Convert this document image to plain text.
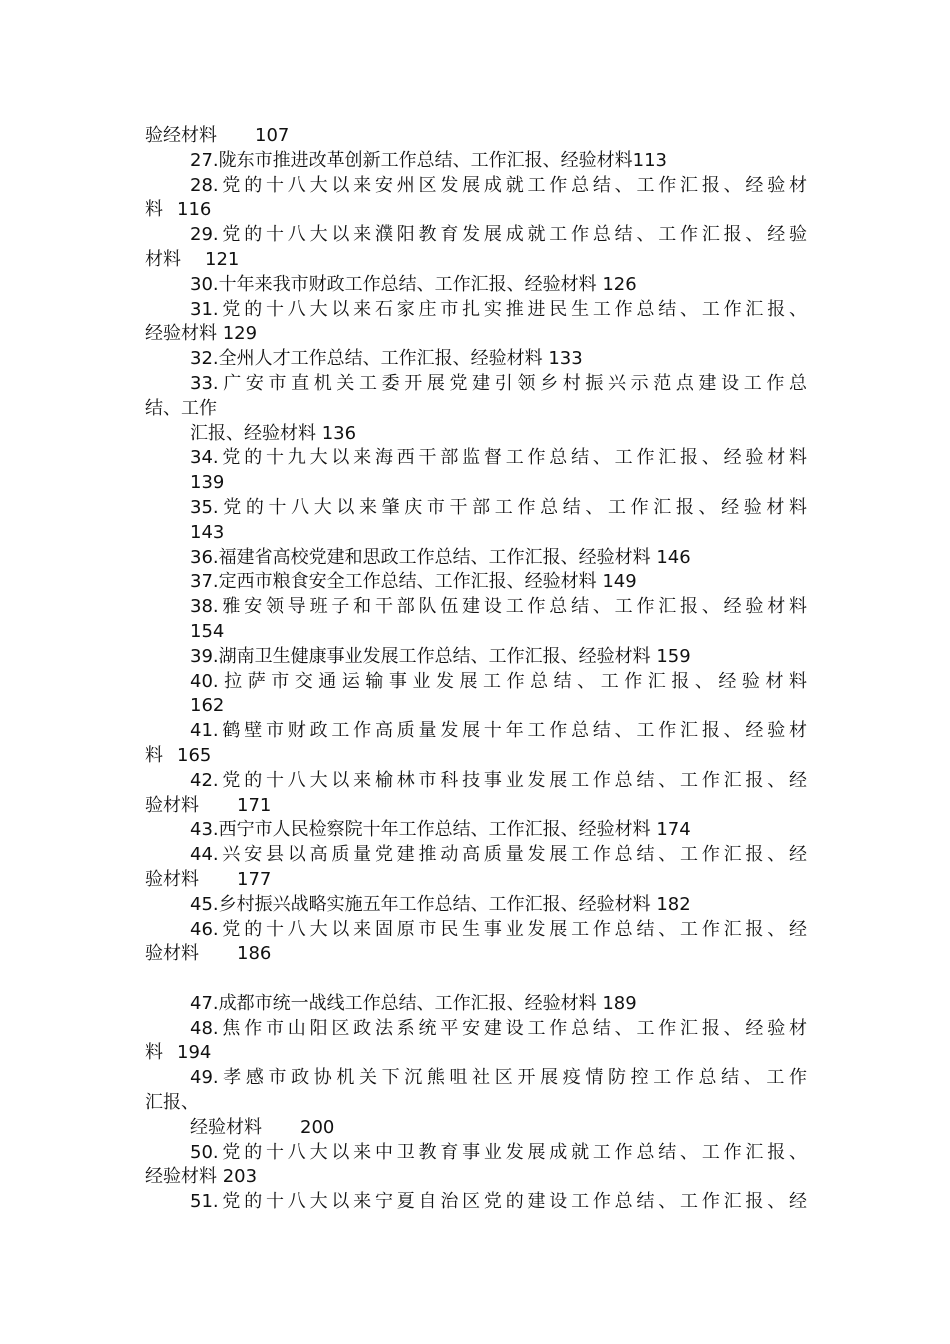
验经材料 107
27.陇东市推进改革创新工作总结、工作汇报、经验材料113
28.党的十八大以来安州区发展成就工作总结、工作汇报、经验材
料 116
29.党的十八大以来濮阳教育发展成就工作总结、工作汇报、经验
材料 121
30.十年来我市财政工作总结、工作汇报、经验材料 126
31.党的十八大以来石家庄市扎实推进民生工作总结、工作汇报、
经验材料 129
32.全州人才工作总结、工作汇报、经验材料 133
33.广安市直机关工委开展党建引领乡村振兴示范点建设工作总
结、工作
汇报、经验材料 136
34.党的十九大以来海西干部监督工作总结、工作汇报、经验材料
139
35.党的十八大以来肇庆市干部工作总结、工作汇报、经验材料
143
36.福建省高校党建和思政工作总结、工作汇报、经验材料 146
37.定西市粮食安全工作总结、工作汇报、经验材料 149
38.雅安领导班子和干部队伍建设工作总结、工作汇报、经验材料
154
39.湖南卫生健康事业发展工作总结、工作汇报、经验材料 159
40.拉萨市交通运输事业发展工作总结、工作汇报、经验材料
162
41.鹤壁市财政工作高质量发展十年工作总结、工作汇报、经验材
料 165
42.党的十八大以来榆林市科技事业发展工作总结、工作汇报、经
验材料 171
43.西宁市人民检察院十年工作总结、工作汇报、经验材料 174
44.兴安县以高质量党建推动高质量发展工作总结、工作汇报、经
验材料 177
45.乡村振兴战略实施五年工作总结、工作汇报、经验材料 182
46.党的十八大以来固原市民生事业发展工作总结、工作汇报、经
验材料 186
47.成都市统一战线工作总结、工作汇报、经验材料 189
48.焦作市山阳区政法系统平安建设工作总结、工作汇报、经验材
料 194
49.孝感市政协机关下沉熊咀社区开展疫情防控工作总结、工作
汇报、
经验材料 200
50.党的十八大以来中卫教育事业发展成就工作总结、工作汇报、
经验材料 203
51.党的十八大以来宁夏自治区党的建设工作总结、工作汇报、经
